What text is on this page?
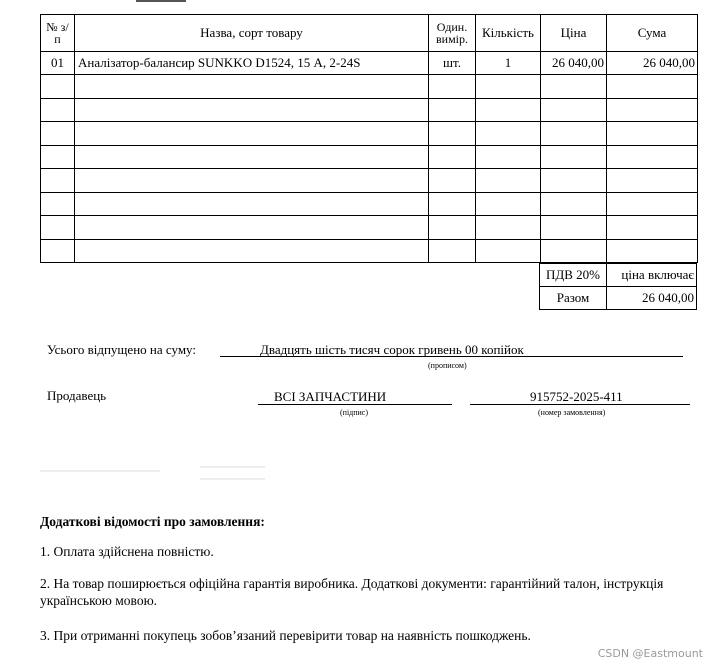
№ з/п	Назва, сорт товару	Один. вимір.	Кількість	Ціна	Сума
01	Аналізатор-балансир SUNKKO D1524, 15 А, 2-24S	шт.	1	26 040,00	26 040,00

ПДВ 20%	ціна включає
Разом	26 040,00
Усього відпущено на суму:	Двадцять шість тисяч сорок гривень 00 копійок
(прописом)
Продавець	ВСІ ЗАПЧАСТИНИ
(підпис)
915752-2025-411
(номер замовлення)
Додаткові відомості про замовлення:
1. Оплата здійснена повністю.
2. На товар поширюється офіційна гарантія виробника. Додаткові документи: гарантійний талон, інструкція українською мовою.
3. При отриманні покупець зобов’язаний перевірити товар на наявність пошкоджень.
CSDN @Eastmount
